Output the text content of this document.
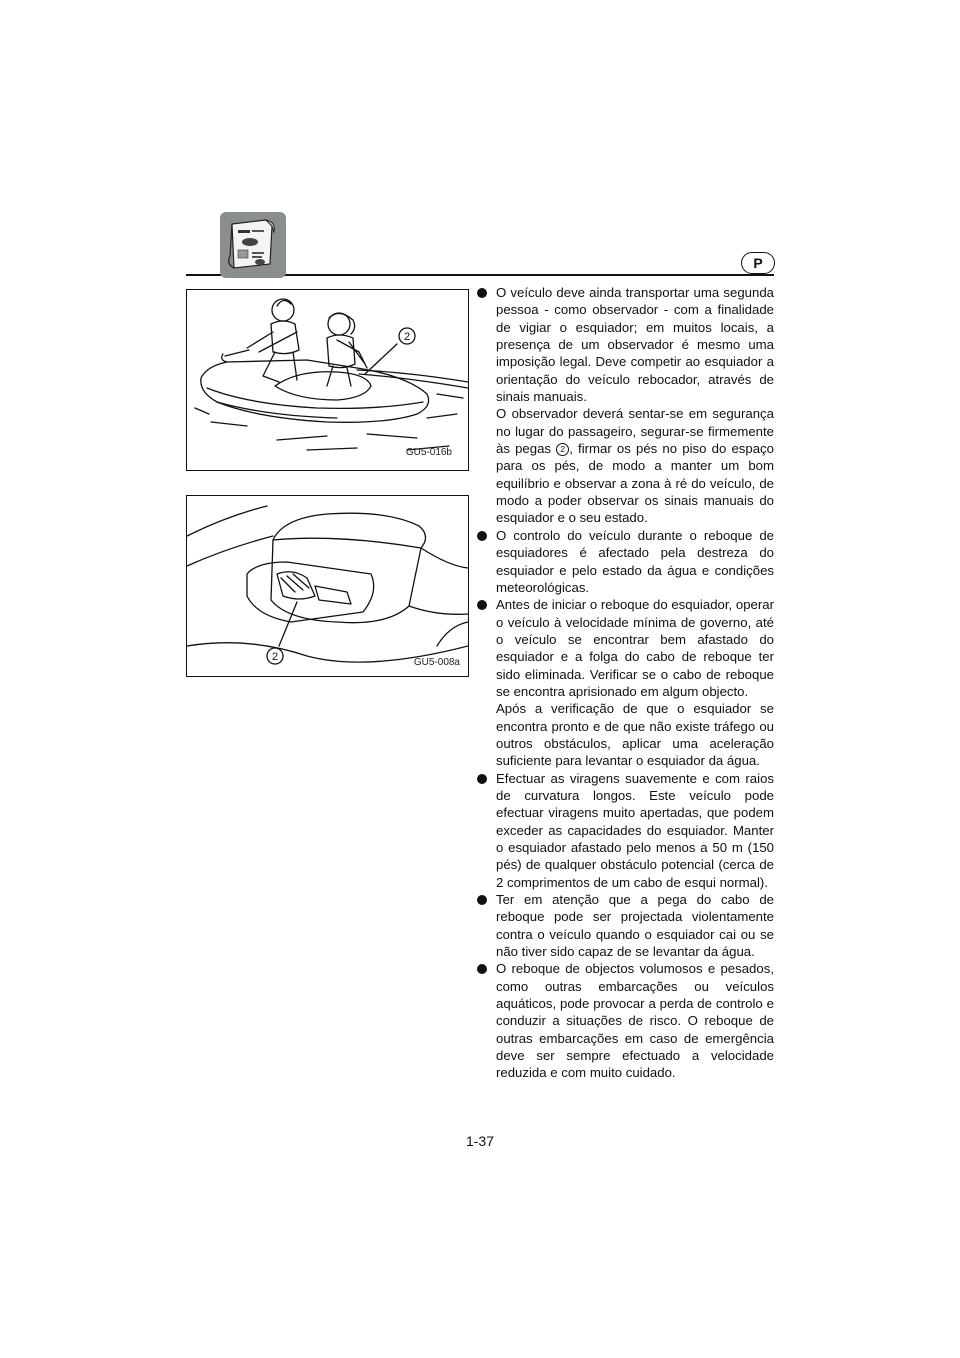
P
2
GU5-016b
2	GU5-008a
O veículo deve ainda transportar uma segunda pessoa - como observador - com a finalidade de vigiar o esquiador; em muitos locais, a presença de um observador é mesmo uma imposição legal. Deve competir ao esquiador a orientação do veículo rebocador, através de sinais manuais.
O observador deverá sentar-se em segurança no lugar do passageiro, segurar-se firmemente às pegas 2 , firmar os pés no piso do espaço para os pés, de modo a manter um bom equilíbrio e observar a zona à ré do veículo, de modo a poder observar os sinais manuais do esquiador e o seu estado.
O controlo do veículo durante o reboque de esquiadores é afectado pela destreza do esquiador e pelo estado da água e condições meteorológicas.
Antes de iniciar o reboque do esquiador, operar o veículo à velocidade mínima de governo, até o veículo se encontrar bem afastado do esquiador e a folga do cabo de reboque ter sido eliminada. Verificar se o cabo de reboque se encontra aprisionado em algum objecto.
Após a verificação de que o esquiador se encontra pronto e de que não existe tráfego ou outros obstáculos, aplicar uma aceleração suficiente para levantar o esquiador da água.
Efectuar as viragens suavemente e com raios de curvatura longos. Este veículo pode efectuar viragens muito apertadas, que podem exceder as capacidades do esquiador. Manter o esquiador afastado pelo menos a 50 m (150 pés) de qualquer obstáculo potencial (cerca de 2 comprimentos de um cabo de esqui normal).
Ter em atenção que a pega do cabo de reboque pode ser projectada violentamente contra o veículo quando o esquiador cai ou se não tiver sido capaz de se levantar da água.
O reboque de objectos volumosos e pesados, como outras embarcações ou veículos aquáticos, pode provocar a perda de controlo e conduzir a situações de risco. O reboque de outras embarcações em caso de emergência deve ser sempre efectuado a velocidade reduzida e com muito cuidado.
1-37
